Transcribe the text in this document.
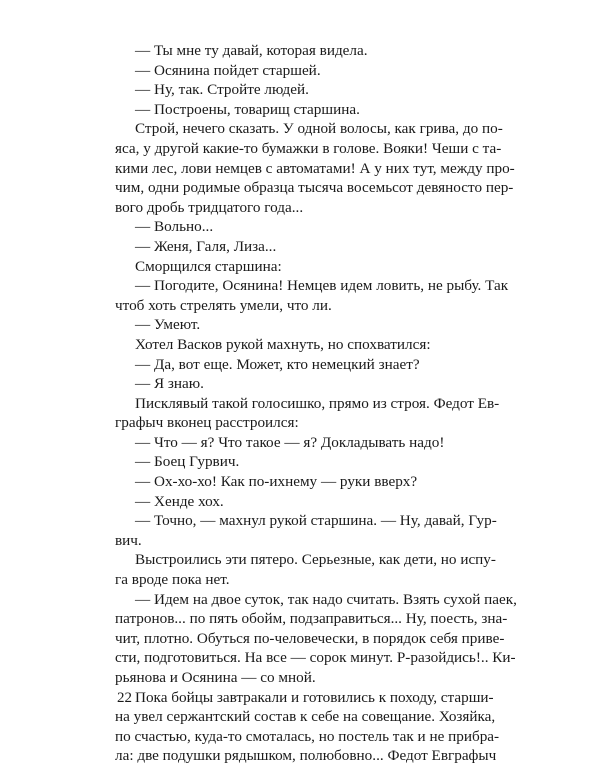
— Ты мне ту давай, которая видела.
— Осянина пойдет старшей.
— Ну, так. Стройте людей.
— Построены, товарищ старшина.
Строй, нечего сказать. У одной волосы, как грива, до по-
яса, у другой какие-то бумажки в голове. Вояки! Чеши с та-
кими лес, лови немцев с автоматами! А у них тут, между про-
чим, одни родимые образца тысяча восемьсот девяносто пер-
вого дробь тридцатого года...
— Вольно...
— Женя, Галя, Лиза...
Сморщился старшина:
— Погодите, Осянина! Немцев идем ловить, не рыбу. Так
чтоб хоть стрелять умели, что ли.
— Умеют.
Хотел Васков рукой махнуть, но спохватился:
— Да, вот еще. Может, кто немецкий знает?
— Я знаю.
Писклявый такой голосишко, прямо из строя. Федот Ев-
графыч вконец расстроился:
— Что — я? Что такое — я? Докладывать надо!
— Боец Гурвич.
— Ох-хо-хо! Как по-ихнему — руки вверх?
— Хенде хох.
— Точно, — махнул рукой старшина. — Ну, давай, Гур-
вич.
Выстроились эти пятеро. Серьезные, как дети, но испу-
га вроде пока нет.
— Идем на двое суток, так надо считать. Взять сухой паек,
патронов... по пять обойм, подзаправиться... Ну, поесть, зна-
чит, плотно. Обуться по-человечески, в порядок себя приве-
сти, подготовиться. На все — сорок минут. Р-разойдись!.. Ки-
рьянова и Осянина — со мной.
Пока бойцы завтракали и готовились к походу, старши-
на увел сержантский состав к себе на совещание. Хозяйка,
по счастью, куда-то смоталась, но постель так и не прибра-
ла: две подушки рядышком, полюбовно... Федот Евграфыч
22
